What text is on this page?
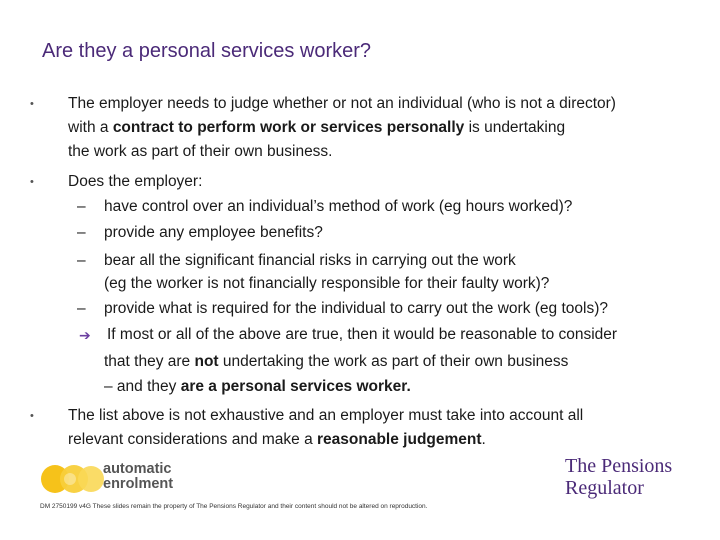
Are they a personal services worker?
• The employer needs to judge whether or not an individual (who is not a director)
with a contract to perform work or services personally is undertaking
the work as part of their own business.
• Does the employer:
– have control over an individual’s method of work (eg hours worked)?
– provide any employee benefits?
– bear all the significant financial risks in carrying out the work
(eg the worker is not financially responsible for their faulty work)?
– provide what is required for the individual to carry out the work (eg tools)?
➔ If most or all of the above are true, then it would be reasonable to consider
that they are not undertaking the work as part of their own business
– and they are a personal services worker.
• The list above is not exhaustive and an employer must take into account all
relevant considerations and make a reasonable judgement.
automatic
enrolment
The Pensions
Regulator
DM 2750199 v4G These slides remain the property of The Pensions Regulator and their content should not be altered on reproduction.
